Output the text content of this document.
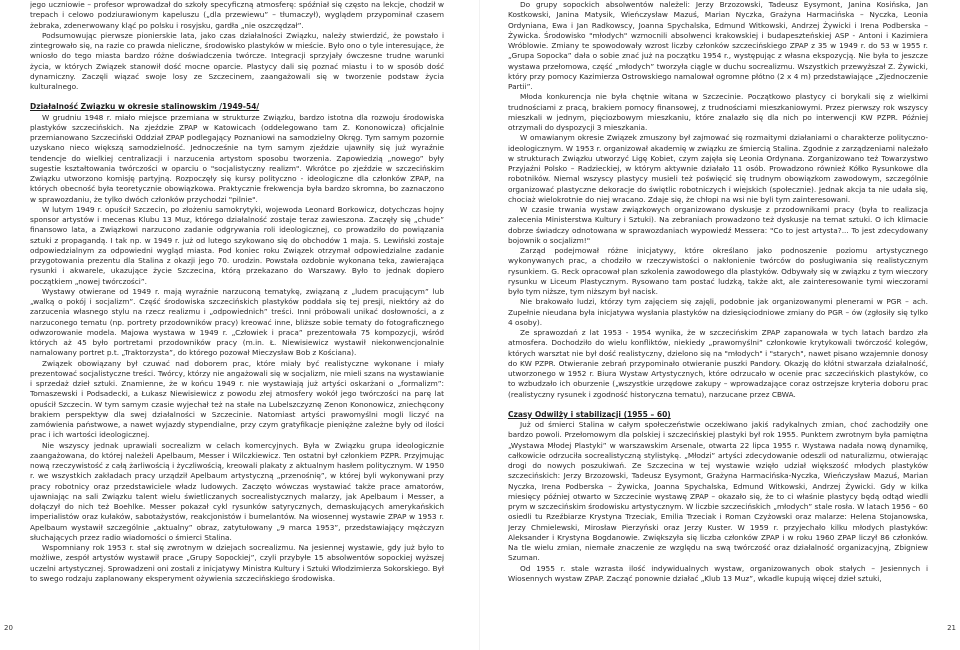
jego uczniowie – profesor wprowadzał do szkoły specyficzną atmosferę: spóźniał się często na lekcje, chodził w trepach i celowo podziurawionym kapeluszu („dla przewiewu” – tłumaczył), wyglądem przypominał czasem żebraka, zdenerwowany kląć po polsku i rosyjsku, gardła „nie oszczędzał”.

Podsumowując pierwsze pionierskie lata, jako czas działalności Związku, należy stwierdzić, że powstało i zintegrowało się, na razie co prawda nieliczne, środowisko plastyków w mieście. Było ono o tyle interesujące, że wniosło do tego miasta bardzo różne doświadczenia twórcze. Integracji sprzyjały ówczesne trudne warunki życia, w których Związek stanowił dość mocne oparcie. Plastycy dali się poznać miastu i to w sposób dość dynamiczny. Zaczęli wiązać swoje losy ze Szczecinem, zaangażowali się w tworzenie podstaw życia kulturalnego.

Działalność Związku w okresie stalinowskim /1949-54/

W grudniu 1948 r. miało miejsce przemiana w strukturze Związku, bardzo istotna dla rozwoju środowiska plastyków szczecińskich. Na zjeździe ZPAP w Katowicach (oddelegowano tam Z. Kononowicza) oficjalnie przemianowano Szczeciński Oddział ZPAP podlegający Poznaniowi na samodzielny Okręg. Tym samym pozornie uzyskano nieco większą samodzielność. Jednocześnie na tym samym zjeździe ujawniły się już wyraźnie tendencje do wielkiej centralizacji i narzucenia artystom sposobu tworzenia. Zapowiedzią „nowego” były sugestie kształtowania twórczości w oparciu o "socjalistyczny realizm". Wkrótce po zjeździe w szczecińskim Związku utworzono komisję partyjną. Rozpoczęły się kursy polityczno - ideologiczne dla członków ZPAP, na których obecność była teoretycznie obowiązkowa. Praktycznie frekwencja była bardzo skromna, bo zaznaczono w sprawozdaniu, że tylko dwóch członków przychodzi "pilnie".

W lutym 1949 r. opuścił Szczecin, po złożeniu samokrytyki, wojewoda Leonard Borkowicz, dotychczas hojny sponsor artystów i mecenas Klubu 13 Muz, którego działalność zostaje teraz zawieszona. Zaczęły się „chude” finansowo lata, a Związkowi narzucono zadanie odgrywania roli ideologicznej, co prowadziło do powiązania sztuki z propagandą. I tak np. w 1949 r. już od lutego szykowano się do obchodów 1 maja. S. Lewiński zostaje odpowiedzialnym za odpowiedni wygląd miasta. Pod koniec roku Związek otrzymał odpowiedzialne zadanie przygotowania prezentu dla Stalina z okazji jego 70. urodzin. Powstała ozdobnie wykonana teka, zawierająca rysunki i akwarele, ukazujące życie Szczecina, którą przekazano do Warszawy. Było to jednak dopiero początkiem „nowej twórczości”.

Wystawy otwierane od 1949 r. mają wyraźnie narzuconą tematykę, związaną z „ludem pracującym” lub „walką o pokój i socjalizm”. Część środowiska szczecińskich plastyków poddała się tej presji, niektóry aż do zarzucenia własnego stylu na rzecz realizmu i „odpowiednich” treści. Inni próbowali unikać dosłowności, a z narzuconego tematu (np. portrety przodowników pracy) kreować inne, bliższe sobie tematy do fotograficznego odwzorowanie modela. Majowa wystawa w 1949 r. „Człowiek i praca” prezentowała 75 kompozycji, wśród których aż 45 było portretami przodowników pracy (m.in. Ł. Niewisiewicz wystawił niekonwencjonalnie namalowany portret p.t. „Traktorzysta”, do którego pozował Mieczysław Bob z Kościana).

Związek obowiązany był czuwać nad doborem prac, które miały być realistyczne wykonane i miały prezentować socjalistyczne treści. Twórcy, którzy nie angażowali się w socjalizm, nie mieli szans na wystawianie i sprzedaż dzieł sztuki. Znamienne, że w końcu 1949 r. nie wystawiają już artyści oskarżani o „formalizm”: Tomaszewski i Podsadecki, a Łukasz Niewisiewicz z powodu złej atmosfery wokół jego twórczości na parę lat opuścił Szczecin. W tym samym czasie wyjechał też na stałe na Lubelszczyznę Zenon Kononowicz, zniechęcony brakiem perspektyw dla swej działalności w Szczecinie. Natomiast artyści prawomyślni mogli liczyć na zamówienia państwowe, a nawet wyjazdy stypendialne, przy czym gratyfikacje pieniężne zależne były od ilości prac i ich wartości ideologicznej.

Nie wszyscy jednak uprawiali socrealizm w celach komercyjnych. Była w Związku grupa ideologicznie zaangażowana, do której należeli Apelbaum, Messer i Wilczkiewicz. Ten ostatni był członkiem PZPR. Przyjmując nową rzeczywistość z całą żarliwością i życzliwością, kreowali plakaty z aktualnym hasłem politycznym. W 1950 r. we wszystkich zakładach pracy urządził Apelbaum artystyczną „przenośnię”, w której byli wykonywani przy pracy robotnicy oraz przedstawiciele władz ludowych. Zaczęto wówczas wystawiać także prace amatorów, ujawniając na sali Związku talent wielu świetliczanych socrealistycznych malarzy, jak Apelbaum i Messer, a dołączył do nich też Boehlke. Messer pokazał cykl rysunków satyrycznych, demaskujących amerykańskich imperialistów oraz kułaków, sabotażystów, reakcjonistów i bumelantów. Na wiosennej wystawie ZPAP w 1953 r. Apelbaum wystawił szczególnie „aktualny” obraz, zatytułowany „9 marca 1953”, przedstawiający mężczyzn słuchających przez radio wiadomości o śmierci Stalina.

Wspomniany rok 1953 r. stał się zwrotnym w dziejach socrealizmu. Na jesiennej wystawie, gdy już było to możliwe, zespół artystów wystawił prace „Grupy Sopockiej”, czyli przybyłe 15 absolwentów sopockiej wyższej uczelni artystycznej. Sprowadzeni oni zostali z inicjatywy Ministra Kultury i Sztuki Włodzimierza Sokorskiego. Był to swego rodzaju zaplanowany eksperyment ożywienia szczecińskiego środowiska.

20

Do grupy sopockich absolwentów należeli: Jerzy Brzozowski, Tadeusz Eysymont, Janina Kosińska, Jan Kostkowski, Janina Matysik, Wieńczysław Mazuś, Marian Nyczka, Grażyna Harmacińska – Nyczka, Leonia Ordyniana, Ewa i Jan Radkowscy, Joanna Spychalska, Edmund Witkowski, Andrzej Żywicki i Irena Podberska – Żywicka. Środowisko "młodych" wzmocnili absolwenci krakowskiej i budapeszteńskiej ASP - Antoni i Kazimiera Wróblowie. Zmiany te spowodowały wzrost liczby członków szczecińskiego ZPAP z 35 w 1949 r. do 53 w 1955 r. „Grupa Sopocka” dała o sobie znać już na początku 1954 r., występując z własna ekspozycją. Nie była to jeszcze wystawa przełomowa, część „młodych” tworzyła ciągle w duchu socrealizmu. Wszystkich przewyższał Z. Żywicki, który przy pomocy Kazimierza Ostrowskiego namalował ogromne płótno (2 x 4 m) przedstawiające „Zjednoczenie Partii”.

Młoda konkurencja nie była chętnie witana w Szczecinie. Początkowo plastycy ci borykali się z wielkimi trudnościami z pracą, brakiem pomocy finansowej, z trudnościami mieszkaniowymi. Przez pierwszy rok wszyscy mieszkali w jednym, pięciozbowym mieszkaniu, które znalazło się dla nich po interwencji KW PZPR. Później otrzymali do dyspozycji 3 mieszkania.

W omawianym okresie Związek zmuszony był zajmować się rozmaitymi działaniami o charakterze polityczno-ideologicznym. W 1953 r. organizował akademię w związku ze śmiercią Stalina. Zgodnie z zarządzeniami należało w strukturach Związku utworzyć Ligę Kobiet, czym zajęła się Leonia Ordynana. Zorganizowano też Towarzystwo Przyjaźni Polsko – Radzieckiej, w którym aktywnie działało 11 osób. Prowadzono również Kółko Rysunkowe dla robotników. Niemal wszyscy plastycy musieli też poświęcić się trudnym obowiązkom zawodowym, szczególnie organizować plastyczne dekoracje do świętlic robotniczych i wiejskich (społecznie). Jednak akcja ta nie udała się, chociaż wielokrotnie do niej wracano. Zdaje się, że chłopi na wsi nie byli tym zainteresowani.

W czasie trwania wystaw związkowych organizowano dyskusje z przodownikami pracy (była to realizacja zalecenia Ministerstwa Kultury i Sztuki). Na zebraniach prowadzono też dyskusje na temat sztuki. O ich klimacie dobrze świadczy odnotowana w sprawozdaniach wypowiedź Messera: "Co to jest artysta?... To jest zdecydowany bojownik o socjalizm!"

Zarząd podejmował różne inicjatywy, które określano jako podnoszenie poziomu artystycznego wykonywanych prac, a chodziło w rzeczywistości o nakłonienie twórców do posługiwania się realistycznym rysunkiem. G. Reck opracował plan szkolenia zawodowego dla plastyków. Odbywały się w związku z tym wieczory rysunku w Liceum Plastycznym. Rysowano tam postać ludzką, także akt, ale zainteresowanie tymi wieczorami było tym niższe, tym niższym był nacisk.

Nie brakowało ludzi, którzy tym zajęciem się zajęli, podobnie jak organizowanymi plenerami w PGR – ach. Zupełnie nieudana była inicjatywa wysłania plastyków na dziesięciodniowe zmiany do PGR – ów (zgłosiły się tylko 4 osoby).

Ze sprawozdań z lat 1953 - 1954 wynika, że w szczecińskim ZPAP zapanowała w tych latach bardzo zła atmosfera. Dochodziło do wielu konfliktów, niekiedy „prawomyślni” członkowie krytykowali twórczość kolegów, których warsztat nie był dość realistyczny, dzielono się na "młodych" i "starych", nawet pisano wzajemnie donosy do KW PZPR. Otwieranie zebrań przypominało otwieranie puszki Pandory. Okazję do kłótni stwarzała działalność, utworzonego w 1952 r. Biura Wystaw Artystycznych, które odrzucało w ocenie prac szczecińskich plastyków, co to wzbudzało ich oburzenie („wszystkie urzędowe zakupy – wprowadzające coraz ostrzejsze kryteria doboru prac (realistyczny rysunek i zgodność historyczna tematu), narzucane przez CBWA.

Czasy Odwilży i stabilizacji (1955 – 60)

Już od śmierci Stalina w całym społeczeństwie oczekiwano jakiś radykalnych zmian, choć zachodziły one bardzo powoli. Przełomowym dla polskiej i szczecińskiej plastyki był rok 1955. Punktem zwrotnym była pamiętna „Wystawa Młodej Plastyki” w warszawskim Arsenale, otwarta 22 lipca 1955 r. Wystawa nadała nową dynamikę, całkowicie odrzuciła socrealistyczną stylistykę. „Młodzi” artyści zdecydowanie odeszli od naturalizmu, otwierając drogi do nowych poszukiwań. Ze Szczecina w tej wystawie wzięło udział większość młodych plastyków szczecińskich: Jerzy Brzozowski, Tadeusz Eysymont, Grażyna Harmacińska-Nyczka, Wieńczysław Mazuś, Marian Nyczka, Irena Podberska – Żywicka, Joanna Spychalska, Edmund Witkowski, Andrzej Żywicki. Gdy w kilka miesięcy później otwarto w Szczecinie wystawę ZPAP – okazało się, że to ci właśnie plastycy będą odtąd wiedli prym w szczecińskim środowisku artystycznym. W liczbie szczecińskich „młodych” stale rosła. W latach 1956 – 60 osiedli tu Rzeźbiarze Krystyna Trzeciak, Emilia Trzeciak i Roman Czyżowski oraz malarze: Helena Stojanowska, Jerzy Chmielewski, Mirosław Pierzyński oraz Jerzy Kuster. W 1959 r. przyjechało kilku młodych plastyków: Aleksander i Krystyna Bogdanowie. Zwiększyła się liczba członków ZPAP i w roku 1960 ZPAP liczył 86 członków. Na tle wielu zmian, niemałe znaczenie ze względu na swą twórczość oraz działalność organizacyjną, Zbigniew Szuman.

Od 1955 r. stale wzrasta ilość indywidualnych wystaw, organizowanych obok stałych – Jesiennych i Wiosennych wystaw ZPAP. Zacząć ponownie działać „Klub 13 Muz”, wkadle kupują więcej dzieł sztuki,

21
